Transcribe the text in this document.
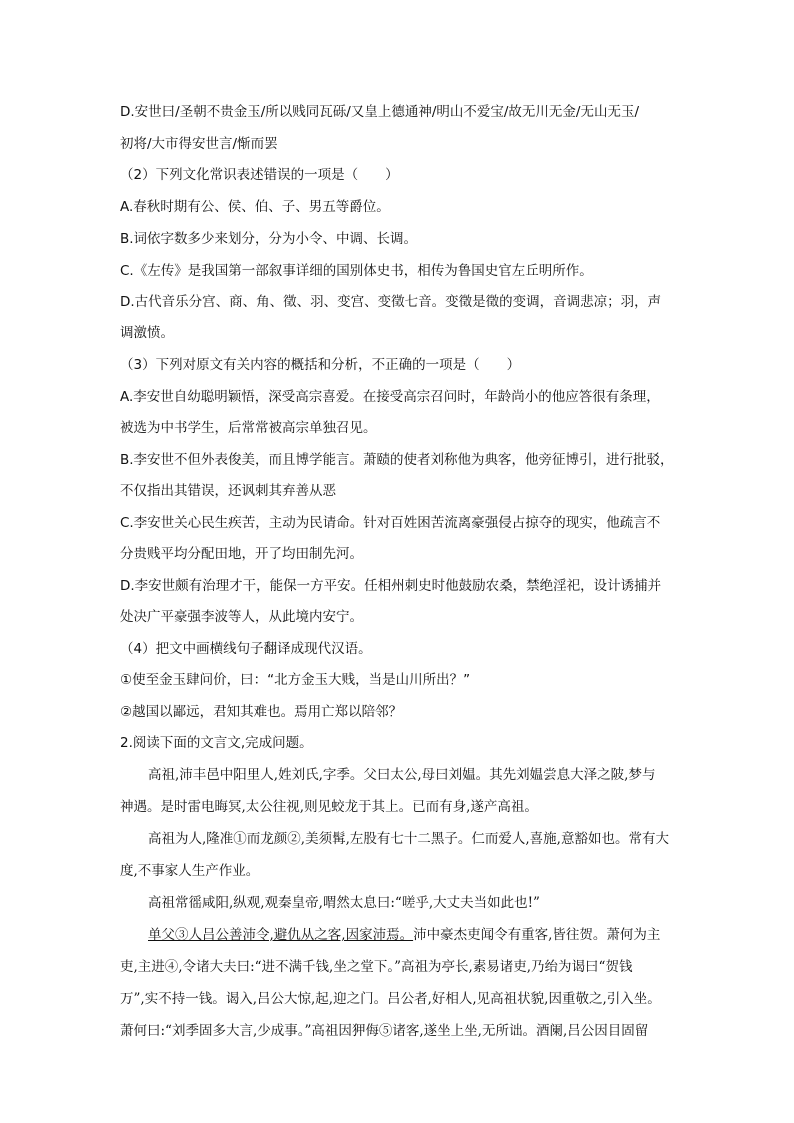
D.安世曰/圣朝不贵金玉/所以贱同瓦砾/又皇上德通神/明山不爱宝/故无川无金/无山无玉/
初将/大市得安世言/惭而罢
（2）下列文化常识表述错误的一项是（　　）
A.春秋时期有公、侯、伯、子、男五等爵位。
B.词依字数多少来划分，分为小令、中调、长调。
C.《左传》是我国第一部叙事详细的国别体史书，相传为鲁国史官左丘明所作。
D.古代音乐分宫、商、角、徵、羽、变宫、变徵七音。变徵是徵的变调，音调悲凉；羽，声
调激愤。
（3）下列对原文有关内容的概括和分析，不正确的一项是（　　）
A.李安世自幼聪明颖悟，深受高宗喜爱。在接受高宗召问时，年龄尚小的他应答很有条理，
被选为中书学生，后常常被高宗单独召见。
B.李安世不但外表俊美，而且博学能言。萧赜的使者刘称他为典客，他旁征博引，进行批驳，
不仅指出其错误，还讽刺其弃善从恶
C.李安世关心民生疾苦，主动为民请命。针对百姓困苦流离豪强侵占掠夺的现实，他疏言不
分贵贱平均分配田地，开了均田制先河。
D.李安世颇有治理才干，能保一方平安。任相州刺史时他鼓励农桑，禁绝淫祀，设计诱捕并
处决广平豪强李波等人，从此境内安宁。
（4）把文中画横线句子翻译成现代汉语。
①使至金玉肆问价，曰：“北方金玉大贱，当是山川所出？”
②越国以鄙远，君知其难也。焉用亡郑以陪邻？
2.阅读下面的文言文,完成问题。
高祖,沛丰邑中阳里人,姓刘氏,字季。父曰太公,母曰刘媪。其先刘媪尝息大泽之陂,梦与
神遇。是时雷电晦冥,太公往视,则见蛟龙于其上。已而有身,遂产高祖。
高祖为人,隆准①而龙颜②,美须髯,左股有七十二黑子。仁而爱人,喜施,意豁如也。常有大
度,不事家人生产作业。
高祖常徭咸阳,纵观,观秦皇帝,喟然太息曰:“嗟乎,大丈夫当如此也!”
单父③人吕公善沛令,避仇从之客,因家沛焉。沛中豪杰吏闻令有重客,皆往贺。萧何为主
吏,主进④,令诸大夫曰:“进不满千钱,坐之堂下。”高祖为亭长,素易诸吏,乃绐为谒曰“贺钱
万”,实不持一钱。谒入,吕公大惊,起,迎之门。吕公者,好相人,见高祖状貌,因重敬之,引入坐。
萧何曰:“刘季固多大言,少成事。”高祖因狎侮⑤诸客,遂坐上坐,无所诎。酒阑,吕公因目固留
